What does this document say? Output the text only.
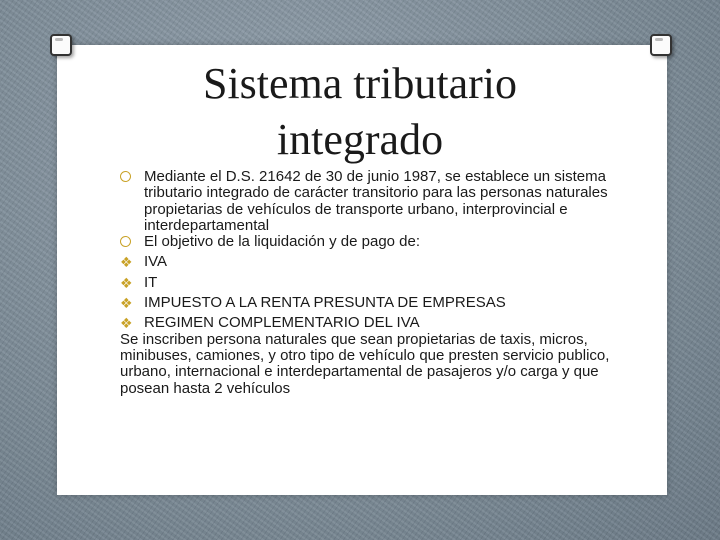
Sistema tributario
integrado

Mediante el D.S. 21642 de 30 de junio 1987, se establece un sistema tributario integrado de carácter transitorio para las personas naturales propietarias de vehículos de transporte urbano, interprovincial e interdepartamental

El objetivo de la liquidación y de pago de:

❖ IVA

❖ IT

❖ IMPUESTO A LA RENTA PRESUNTA DE EMPRESAS

❖ REGIMEN COMPLEMENTARIO DEL IVA

Se inscriben persona naturales que sean propietarias de taxis, micros, minibuses, camiones, y otro tipo de vehículo que presten servicio publico, urbano, internacional e interdepartamental de pasajeros y/o carga y que posean hasta 2 vehículos
